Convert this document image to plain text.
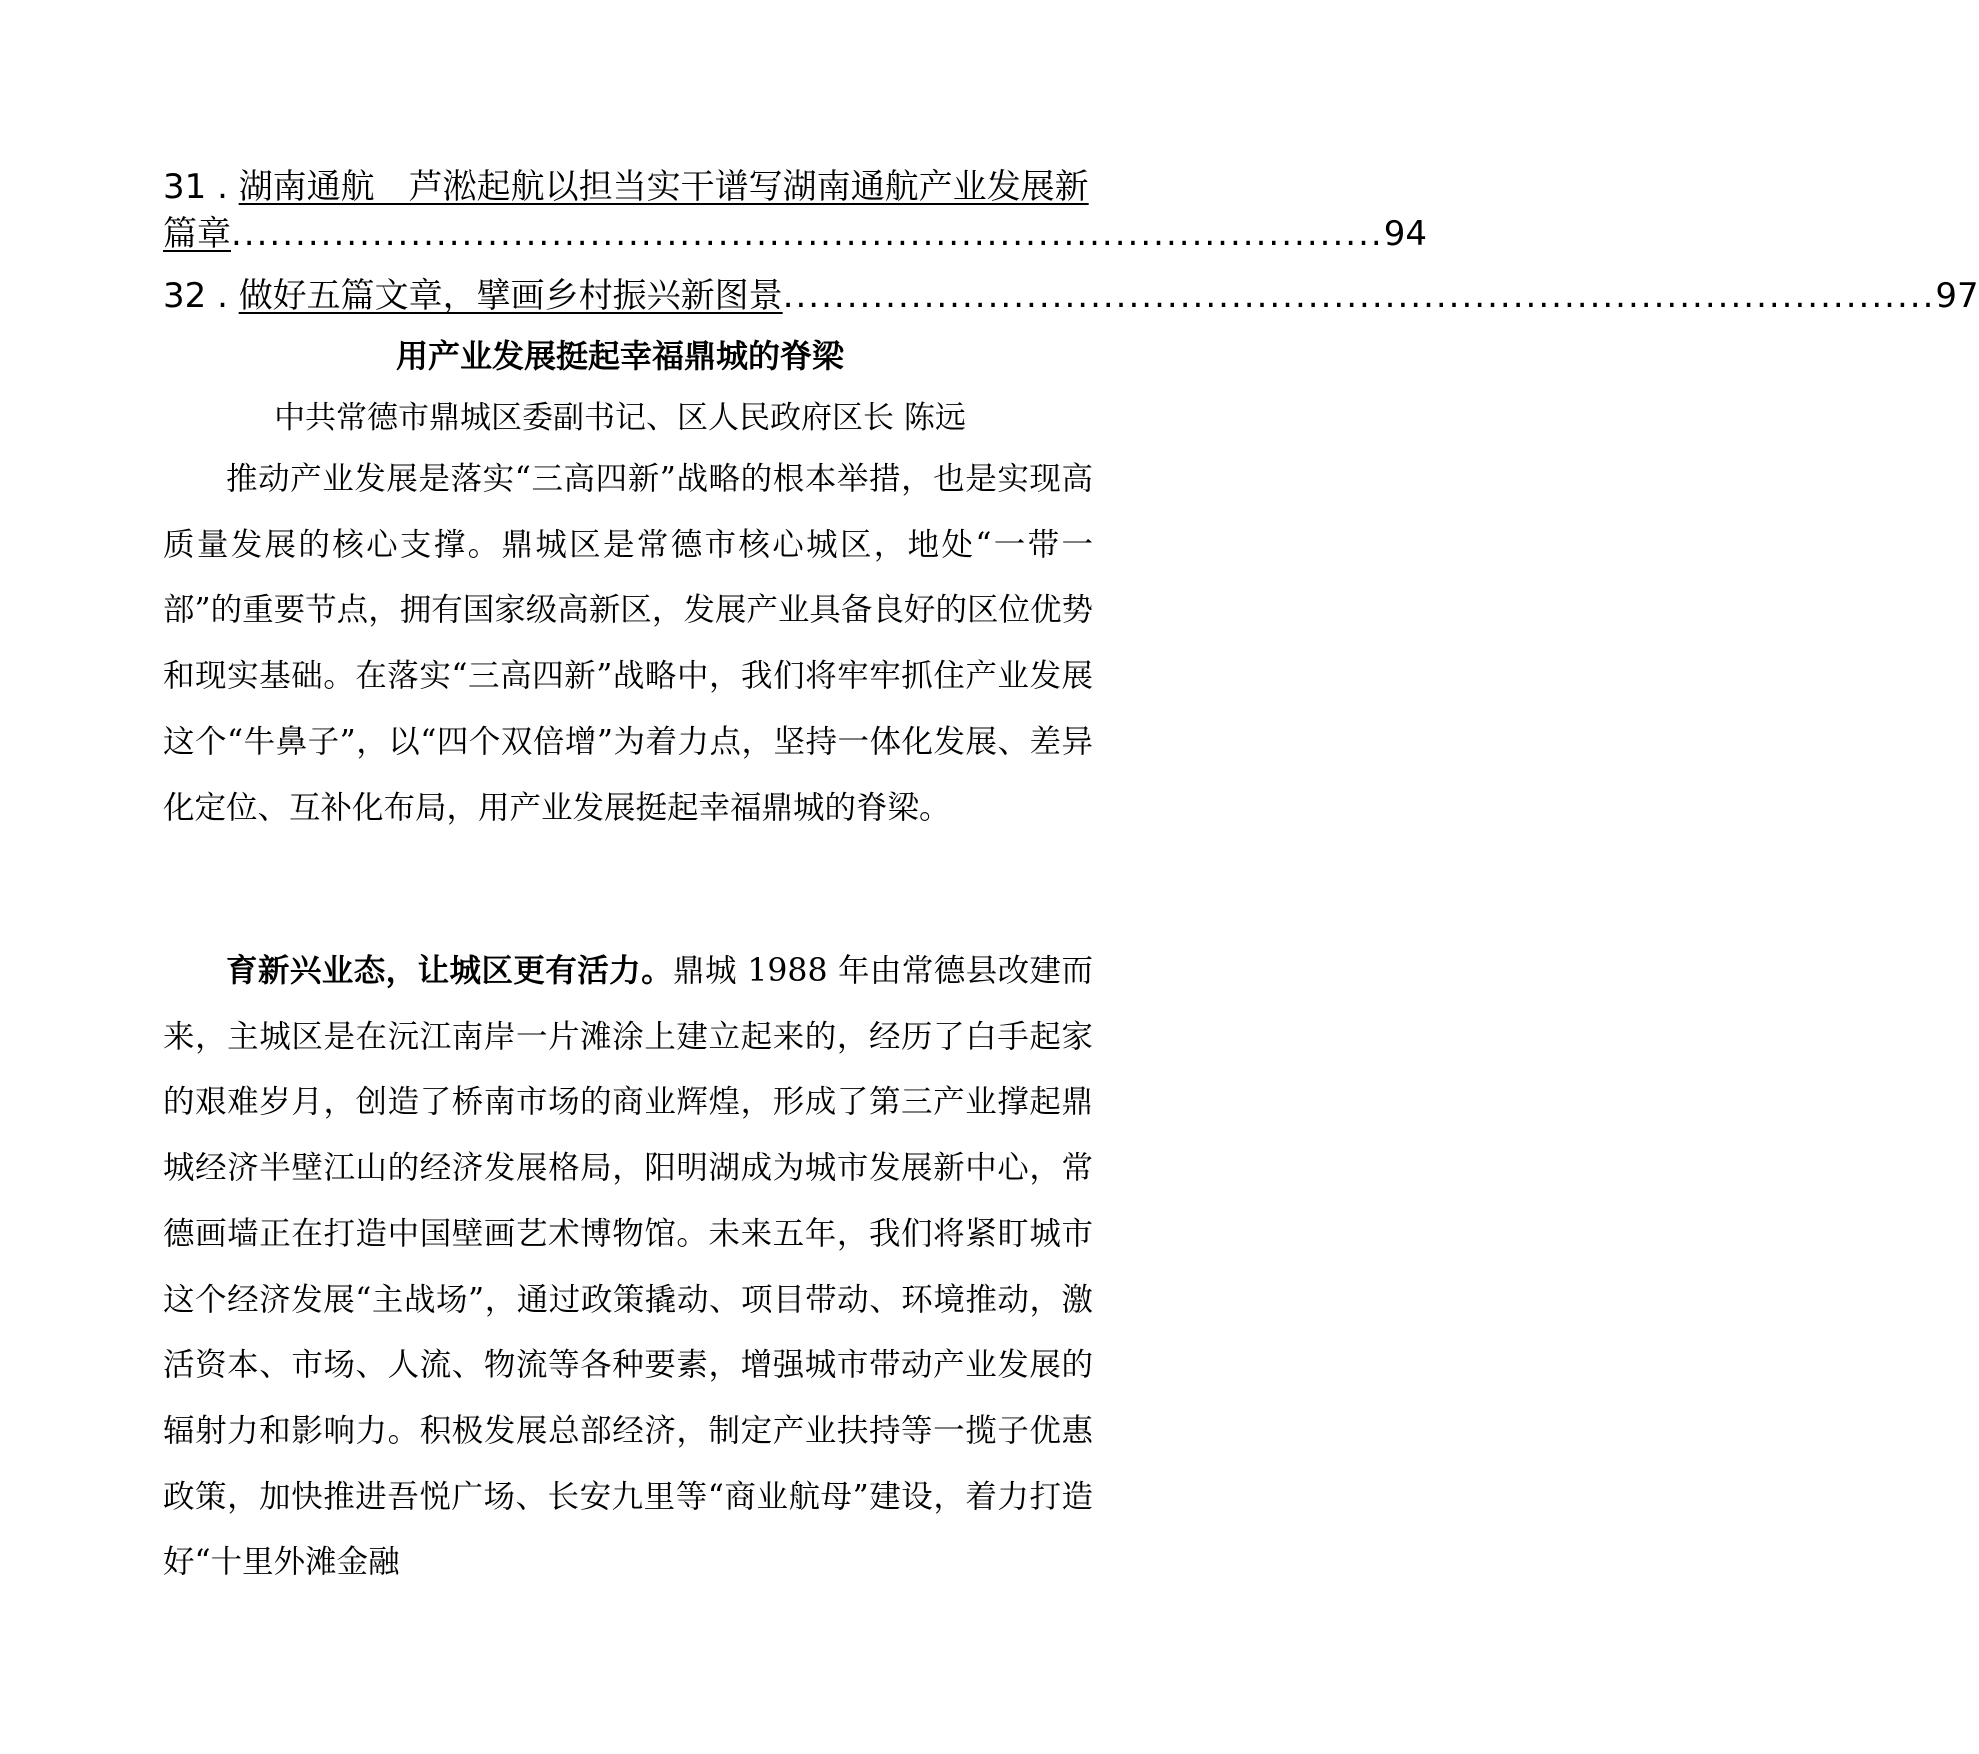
31 . 湖南通航　芦淞起航以担当实干谱写湖南通航产业发展新
篇章 .......................................................................................... 94
32 . 做好五篇文章，擘画乡村振兴新图景 .......................................................................................... 97
用产业发展挺起幸福鼎城的脊梁
中共常德市鼎城区委副书记、区人民政府区长 陈远

推动产业发展是落实“三高四新”战略的根本举措，也是实现高质量发展的核心支撑。鼎城区是常德市核心城区，地处“一带一部”的重要节点，拥有国家级高新区，发展产业具备良好的区位优势和现实基础。在落实“三高四新”战略中，我们将牢牢抓住产业发展这个“牛鼻子”，以“四个双倍增”为着力点，坚持一体化发展、差异化定位、互补化布局，用产业发展挺起幸福鼎城的脊梁。

育新兴业态，让城区更有活力。鼎城 1988 年由常德县改建而来，主城区是在沅江南岸一片滩涂上建立起来的，经历了白手起家的艰难岁月，创造了桥南市场的商业辉煌，形成了第三产业撑起鼎城经济半壁江山的经济发展格局，阳明湖成为城市发展新中心，常德画墙正在打造中国壁画艺术博物馆。未来五年，我们将紧盯城市这个经济发展“主战场”，通过政策撬动、项目带动、环境推动，激活资本、市场、人流、物流等各种要素，增强城市带动产业发展的辐射力和影响力。积极发展总部经济，制定产业扶持等一揽子优惠政策，加快推进吾悦广场、长安九里等“商业航母”建设，着力打造好“十里外滩金融
